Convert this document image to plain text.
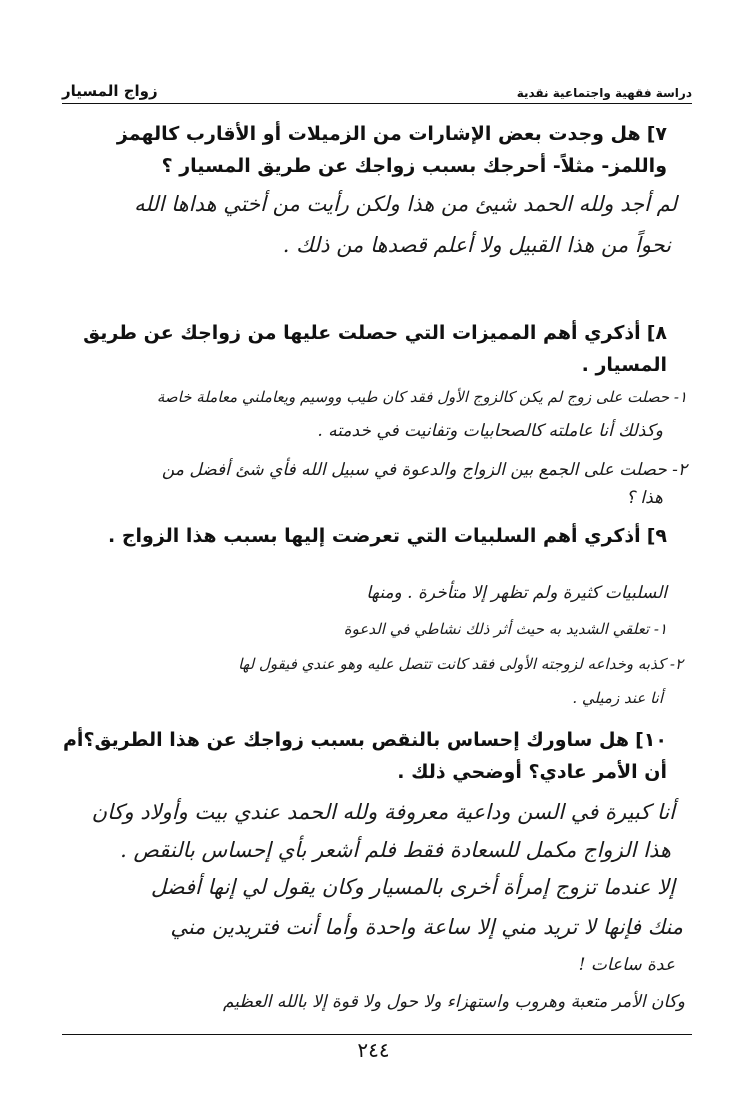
دراسة فقهية واجتماعية نقدية
زواج المسيار
٧]هل وجدت بعض الإشارات من الزميلات أو الأقارب كالهمز
واللمز- مثلاً- أحرجك بسبب زواجك عن طريق المسيار ؟
لم أجد ولله الحمد شيئ من هذا ولكن رأيت من أختي هداها الله
نحواً من هذا القبيل ولا أعلم قصدها من ذلك .
٨]أذكري أهم المميزات التي حصلت عليها من زواجك عن طريق
المسيار .
١- حصلت على زوج لم يكن كالزوج الأول فقد كان طيب ووسيم ويعاملني معاملة خاصة
وكذلك أنا عاملته كالصحابيات وتفانيت في خدمته .
٢- حصلت على الجمع بين الزواج والدعوة في سبيل الله فأي شئ أفضل من
هذا ؟
٩]أذكري أهم السلبيات التي تعرضت إليها بسبب هذا الزواج .
السلبيات كثيرة ولم تظهر إلا متأخرة . ومنها
١- تعلقي الشديد به حيث أثر ذلك نشاطي في الدعوة
٢- كذبه وخداعه لزوجته الأولى فقد كانت تتصل عليه وهو عندي فيقول لها
أنا عند زميلي .
١٠]هل ساورك إحساس بالنقص بسبب زواجك عن هذا الطريق؟أم
أن الأمر عادي؟ أوضحي ذلك .
أنا كبيرة في السن وداعية معروفة ولله الحمد عندي بيت وأولاد وكان
هذا الزواج مكمل للسعادة فقط فلم أشعر بأي إحساس بالنقص .
إلا عندما تزوج إمرأة أخرى بالمسيار وكان يقول لي إنها أفضل
منك فإنها لا تريد مني إلا ساعة واحدة وأما أنت فتريدين مني
عدة ساعات !
وكان الأمر متعبة وهروب واستهزاء ولا حول ولا قوة إلا بالله العظيم
٢٤٤
